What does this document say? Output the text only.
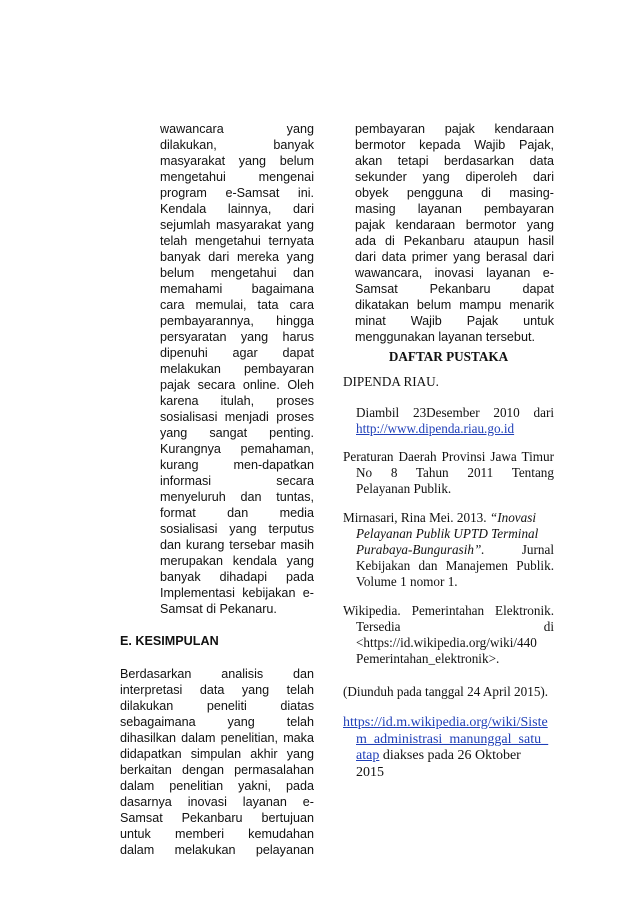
wawancara yang
dilakukan, banyak
masyarakat yang belum
mengetahui mengenai
program e-Samsat ini.
Kendala lainnya, dari
sejumlah masyarakat yang
telah mengetahui ternyata
banyak dari mereka yang
belum mengetahui dan
memahami bagaimana
cara memulai, tata cara
pembayarannya, hingga
persyaratan yang harus
dipenuhi agar dapat
melakukan pembayaran
pajak secara online. Oleh
karena itulah, proses
sosialisasi menjadi proses
yang sangat penting.
Kurangnya pemahaman,
kurang men-dapatkan
informasi secara
menyeluruh dan tuntas,
format dan media
sosialisasi yang terputus
dan kurang tersebar masih
merupakan kendala yang
banyak dihadapi pada
Implementasi kebijakan e-
Samsat di Pekanaru.
E. KESIMPULAN
Berdasarkan analisis dan
interpretasi data yang telah
dilakukan peneliti diatas
sebagaimana yang telah
dihasilkan dalam penelitian, maka
didapatkan simpulan akhir yang
berkaitan dengan permasalahan
dalam penelitian yakni, pada
dasarnya inovasi layanan e-
Samsat Pekanbaru bertujuan
untuk memberi kemudahan
dalam melakukan pelayanan
pembayaran pajak kendaraan
bermotor kepada Wajib Pajak,
akan tetapi berdasarkan data
sekunder yang diperoleh dari
obyek pengguna di masing-
masing layanan pembayaran
pajak kendaraan bermotor yang
ada di Pekanbaru ataupun hasil
dari data primer yang berasal dari
wawancara, inovasi layanan e-
Samsat Pekanbaru dapat
dikatakan belum mampu menarik
minat Wajib Pajak untuk
menggunakan layanan tersebut.
DAFTAR PUSTAKA
DIPENDA RIAU.
Diambil 23Desember 2010 dari
http://www.dipenda.riau.go.id
Peraturan Daerah Provinsi Jawa Timur
No 8 Tahun 2011 Tentang
Pelayanan Publik.
Mirnasari, Rina Mei. 2013. “Inovasi
Pelayanan Publik UPTD Terminal
Purabaya-Bungurasih”.	Jurnal
Kebijakan dan Manajemen Publik.
Volume 1 nomor 1.
Wikipedia. Pemerintahan Elektronik.
Tersedia di
<https://id.wikipedia.org/wiki/440
Pemerintahan_elektronik>.
(Diunduh pada tanggal 24 April 2015).
https://id.m.wikipedia.org/wiki/Siste
m_administrasi_manunggal_satu_
atap diakses pada 26 Oktober
2015
